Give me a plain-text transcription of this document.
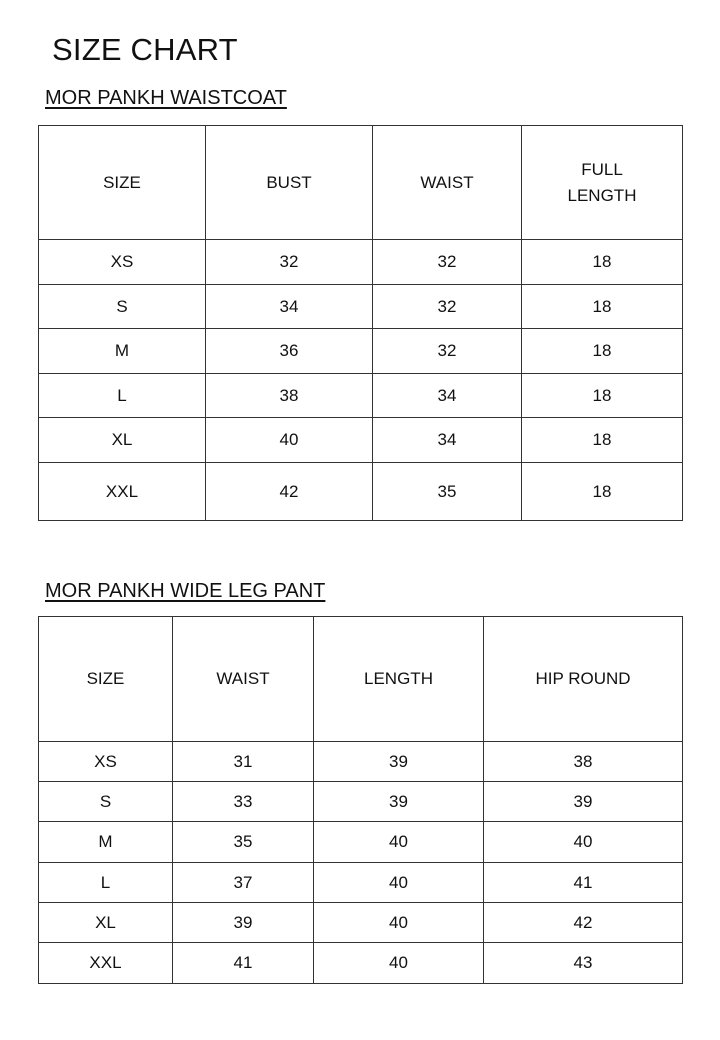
SIZE CHART
MOR PANKH WAISTCOAT
SIZE	BUST	WAIST	FULL
LENGTH

XS	32	32	18
S	34	32	18
M	36	32	18
L	38	34	18
XL	40	34	18
XXL	42	35	18
MOR PANKH WIDE LEG PANT
SIZE	WAIST	LENGTH	HIP ROUND
XS	31	39	38
S	33	39	39
M	35	40	40
L	37	40	41
XL	39	40	42
XXL	41	40	43
